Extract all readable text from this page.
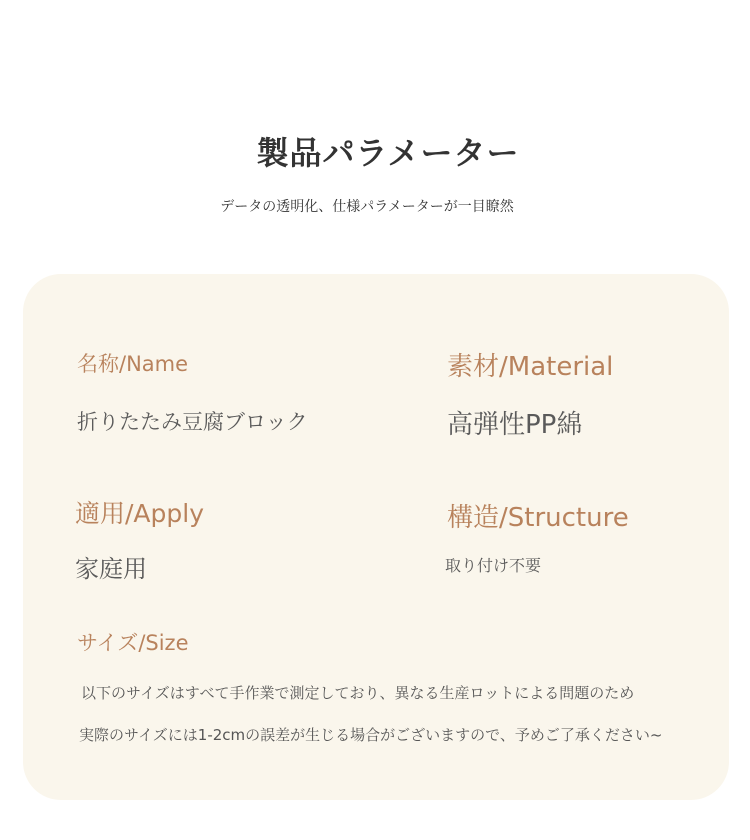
製品パラメーター

データの透明化、仕様パラメーターが一目瞭然

名称/Name
折りたたみ豆腐ブロック
素材/Material
高弾性PP綿
適用/Apply
家庭用
構造/Structure
取り付け不要
サイズ/Size
以下のサイズはすべて手作業で測定しており、異なる生産ロットによる問題のため
実際のサイズには1-2cmの誤差が生じる場合がございますので、予めご了承ください~
